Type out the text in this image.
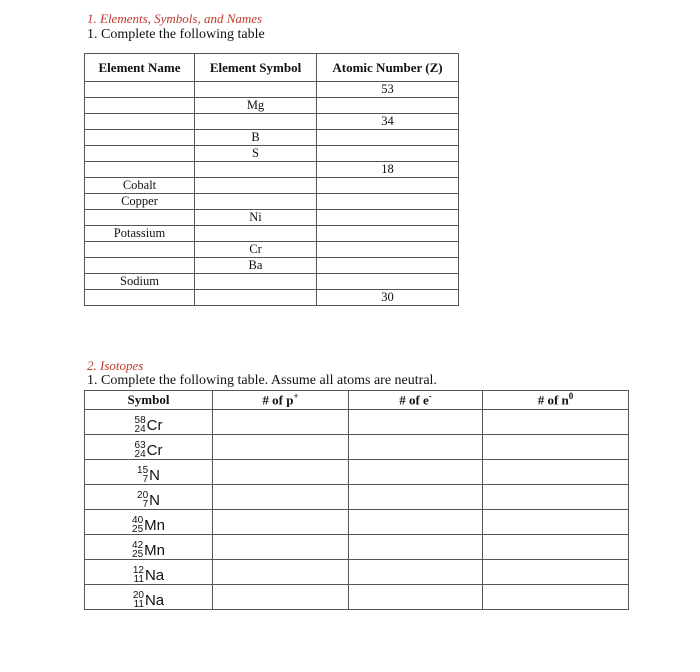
1. Elements, Symbols, and Names
1. Complete the following table
Element Name	Element Symbol	Atomic Number (Z)
		53
	Mg	
		34
	B	
	S	
		18
Cobalt		
Copper		
	Ni	
Potassium		
	Cr	
	Ba	
Sodium		
		30
2. Isotopes
1. Complete the following table. Assume all atoms are neutral.
Symbol	# of p+	# of e-	# of $n^0$

58
24 Cr			

63
24 Cr			

15
7 N			

20
7 N			

40
25 Mn			

42
25 Mn			

12
11 Na			

20
11 Na			
